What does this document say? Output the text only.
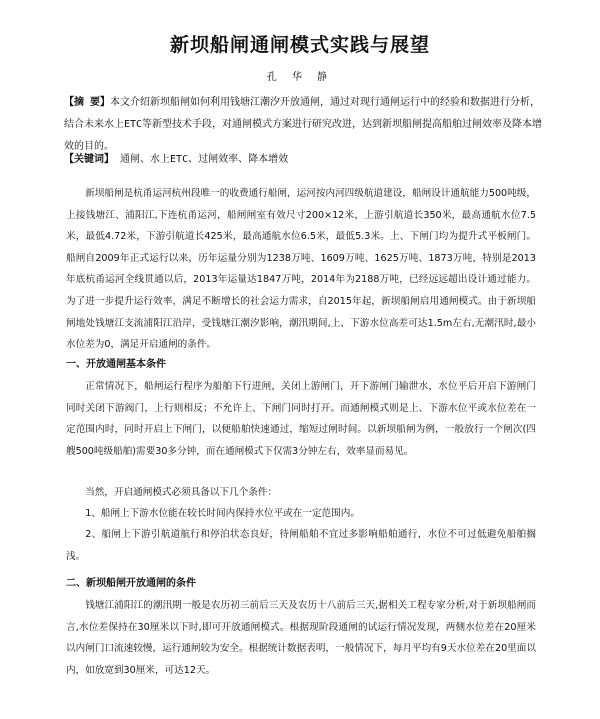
新坝船闸通闸模式实践与展望
孔 华 静
【摘 要】本文介绍新坝船闸如何利用钱塘江潮汐开放通闸，通过对现行通闸运行中的经验和数据进行分析，结合未来水上ETC等新型技术手段，对通闸模式方案进行研究改进，达到新坝船闸提高船舶过闸效率及降本增效的目的。
【关键词】 通闸、水上ETC、过闸效率、降本增效

新坝船闸是杭甬运河杭州段唯一的收费通行船闸，运河按内河四级航道建设，船闸设计通航能力500吨级，上接钱塘江、浦阳江,下连杭甬运河，船闸闸室有效尺寸200×12米，上游引航道长350米，最高通航水位7.5米，最低4.72米，下游引航道长425米，最高通航水位6.5米，最低5.3米。上、下闸门均为提升式平板闸门。船闸自2009年正式运行以来，历年运量分别为1238万吨、1609万吨、1625万吨、1873万吨，特别是2013年底杭甬运河全线贯通以后，2013年运量达1847万吨，2014年为2188万吨，已经远远超出设计通过能力。为了进一步提升运行效率，满足不断增长的社会运力需求，自2015年起，新坝船闸启用通闸模式。由于新坝船闸地处钱塘江支流浦阳江沿岸，受钱塘江潮汐影响，潮汛期间,上、下游水位高差可达1.5m左右,无潮汛时,最小水位差为0，满足开启通闸的条件。

一、开放通闸基本条件

正常情况下，船闸运行程序为船舶下行进闸，关闭上游闸门，开下游闸门输泄水，水位平后开启下游闸门同时关闭下游阀门，上行则相反；不允许上、下闸门同时打开。而通闸模式则是上、下游水位平或水位差在一定范围内时，同时开启上下闸门，以便船舶快速通过，缩短过闸时间。以新坝船闸为例，一般放行一个闸次(四艘500吨级船舶)需要30多分钟，而在通闸模式下仅需3分钟左右，效率显而易见。

当然，开启通闸模式必须具备以下几个条件：

1、船闸上下游水位能在较长时间内保持水位平或在一定范围内。

2、船闸上下游引航道航行和停泊状态良好，待闸船舶不宜过多影响船舶通行，水位不可过低避免船舶搁浅。

二、新坝船闸开放通闸的条件

钱塘江浦阳江的潮汛期一般是农历初三前后三天及农历十八前后三天,据相关工程专家分析,对于新坝船闸而言,水位差保持在30厘米以下时,即可开放通闸模式。根据现阶段通闸的试运行情况发现，两侧水位差在20厘米以内闸门口流速较慢，运行通闸较为安全。根据统计数据表明，一般情况下，每月平均有9天水位差在20里面以内，如放宽到30厘米，可达12天。
